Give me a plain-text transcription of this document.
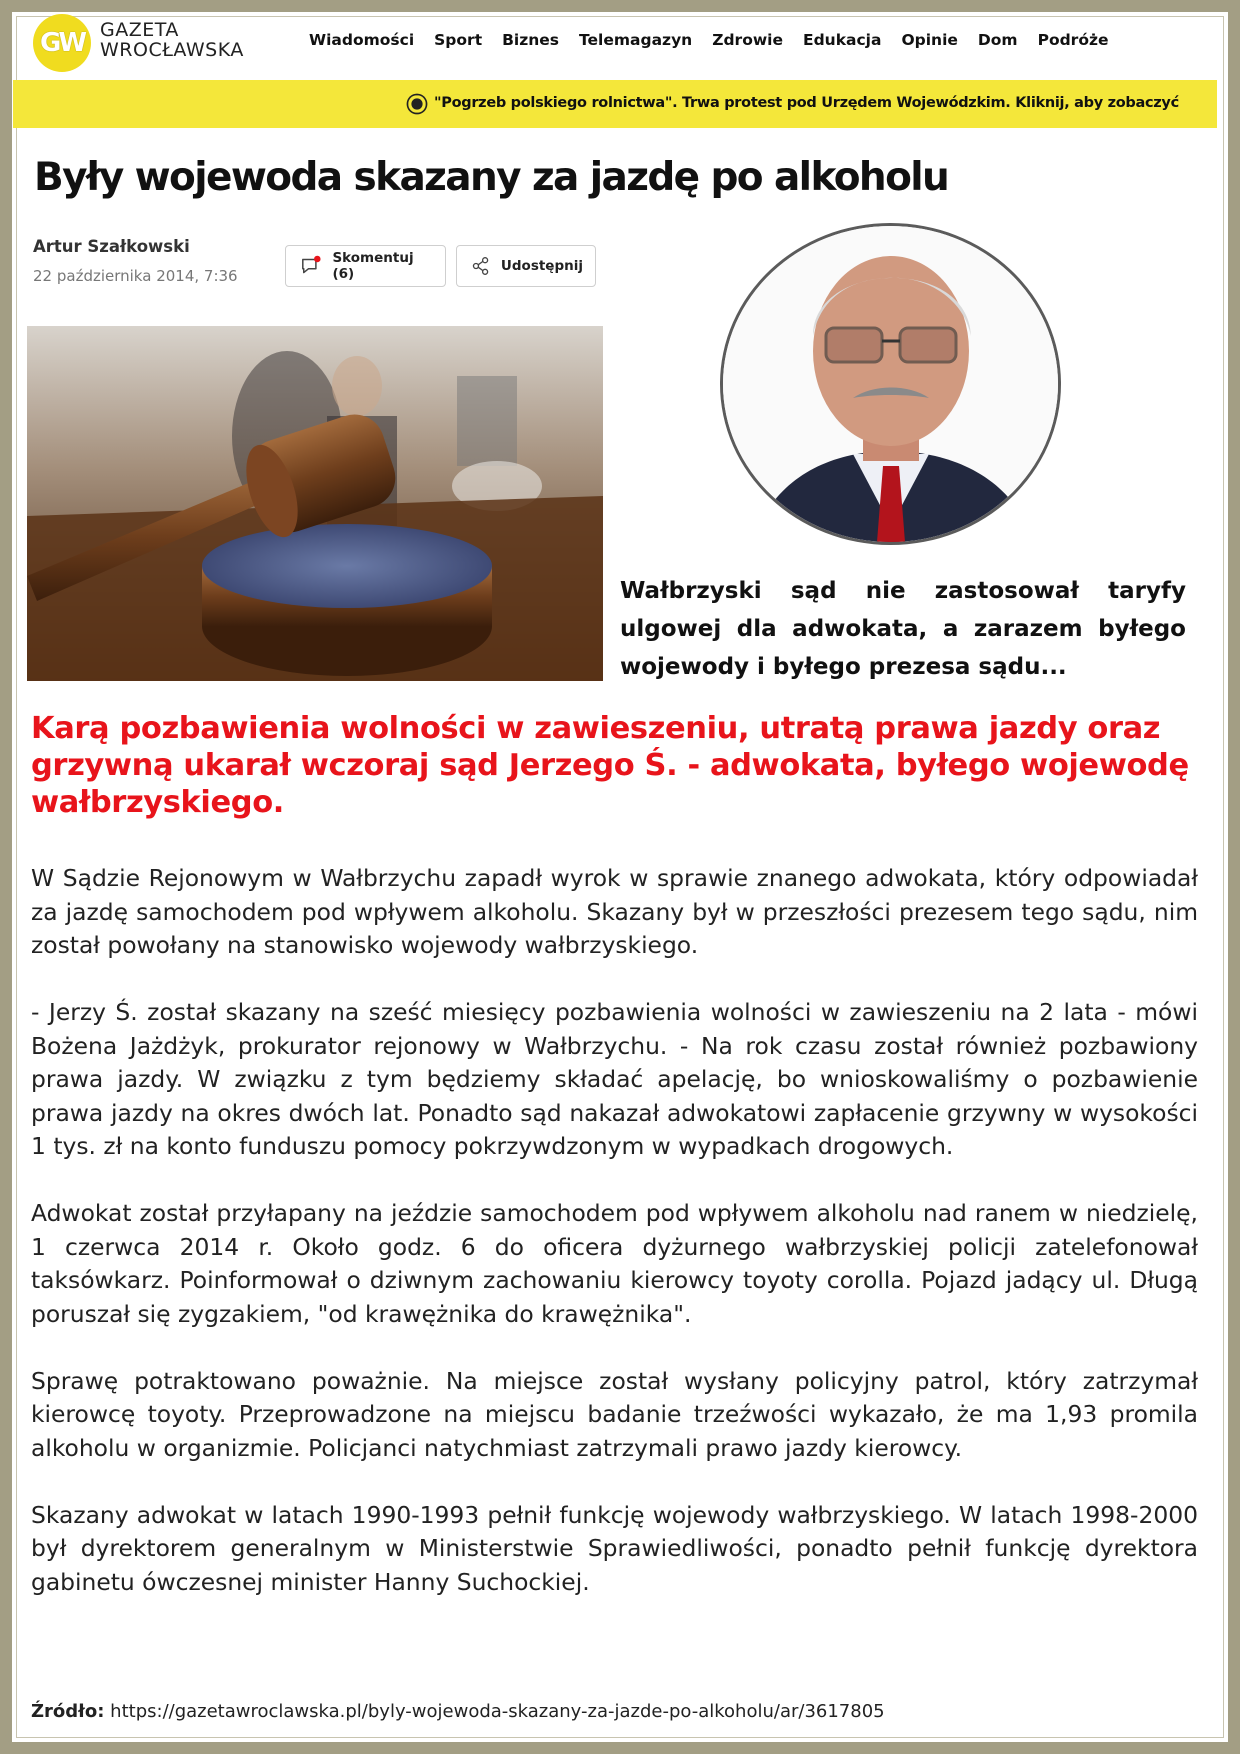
GW GAZETA
WROCŁAWSKA	Wiadomości Sport Biznes Telemagazyn Zdrowie Edukacja Opinie Dom Podróże
"Pogrzeb polskiego rolnictwa". Trwa protest pod Urzędem Wojewódzkim. Kliknij, aby zobaczyć
Były wojewoda skazany za jazdę po alkoholu
Artur Szałkowski
22 października 2014, 7:36
Skomentuj (6)	Udostępnij
Wałbrzyski sąd nie zastosował taryfy ulgowej dla adwokata, a zarazem byłego wojewody i byłego prezesa sądu...
Karą pozbawienia wolności w zawieszeniu, utratą prawa jazdy oraz grzywną ukarał wczoraj sąd Jerzego Ś. - adwokata, byłego wojewodę wałbrzyskiego.

W Sądzie Rejonowym w Wałbrzychu zapadł wyrok w sprawie znanego adwokata, który odpowiadał za jazdę samochodem pod wpływem alkoholu. Skazany był w przeszłości prezesem tego sądu, nim został powołany na stanowisko wojewody wałbrzyskiego.

- Jerzy Ś. został skazany na sześć miesięcy pozbawienia wolności w zawieszeniu na 2 lata - mówi Bożena Jażdżyk, prokurator rejonowy w Wałbrzychu. - Na rok czasu został również pozbawiony prawa jazdy. W związku z tym będziemy składać apelację, bo wnioskowaliśmy o pozbawienie prawa jazdy na okres dwóch lat. Ponadto sąd nakazał adwokatowi zapłacenie grzywny w wysokości 1 tys. zł na konto funduszu pomocy pokrzywdzonym w wypadkach drogowych.

Adwokat został przyłapany na jeździe samochodem pod wpływem alkoholu nad ranem w niedzielę, 1 czerwca 2014 r. Około godz. 6 do oficera dyżurnego wałbrzyskiej policji zatelefonował taksówkarz. Poinformował o dziwnym zachowaniu kierowcy toyoty corolla. Pojazd jadący ul. Długą poruszał się zygzakiem, "od krawężnika do krawężnika".

Sprawę potraktowano poważnie. Na miejsce został wysłany policyjny patrol, który zatrzymał kierowcę toyoty. Przeprowadzone na miejscu badanie trzeźwości wykazało, że ma 1,93 promila alkoholu w organizmie. Policjanci natychmiast zatrzymali prawo jazdy kierowcy.

Skazany adwokat w latach 1990-1993 pełnił funkcję wojewody wałbrzyskiego. W latach 1998-2000 był dyrektorem generalnym w Ministerstwie Sprawiedliwości, ponadto pełnił funkcję dyrektora gabinetu ówczesnej minister Hanny Suchockiej.

Źródło: https://gazetawroclawska.pl/byly-wojewoda-skazany-za-jazde-po-alkoholu/ar/3617805
